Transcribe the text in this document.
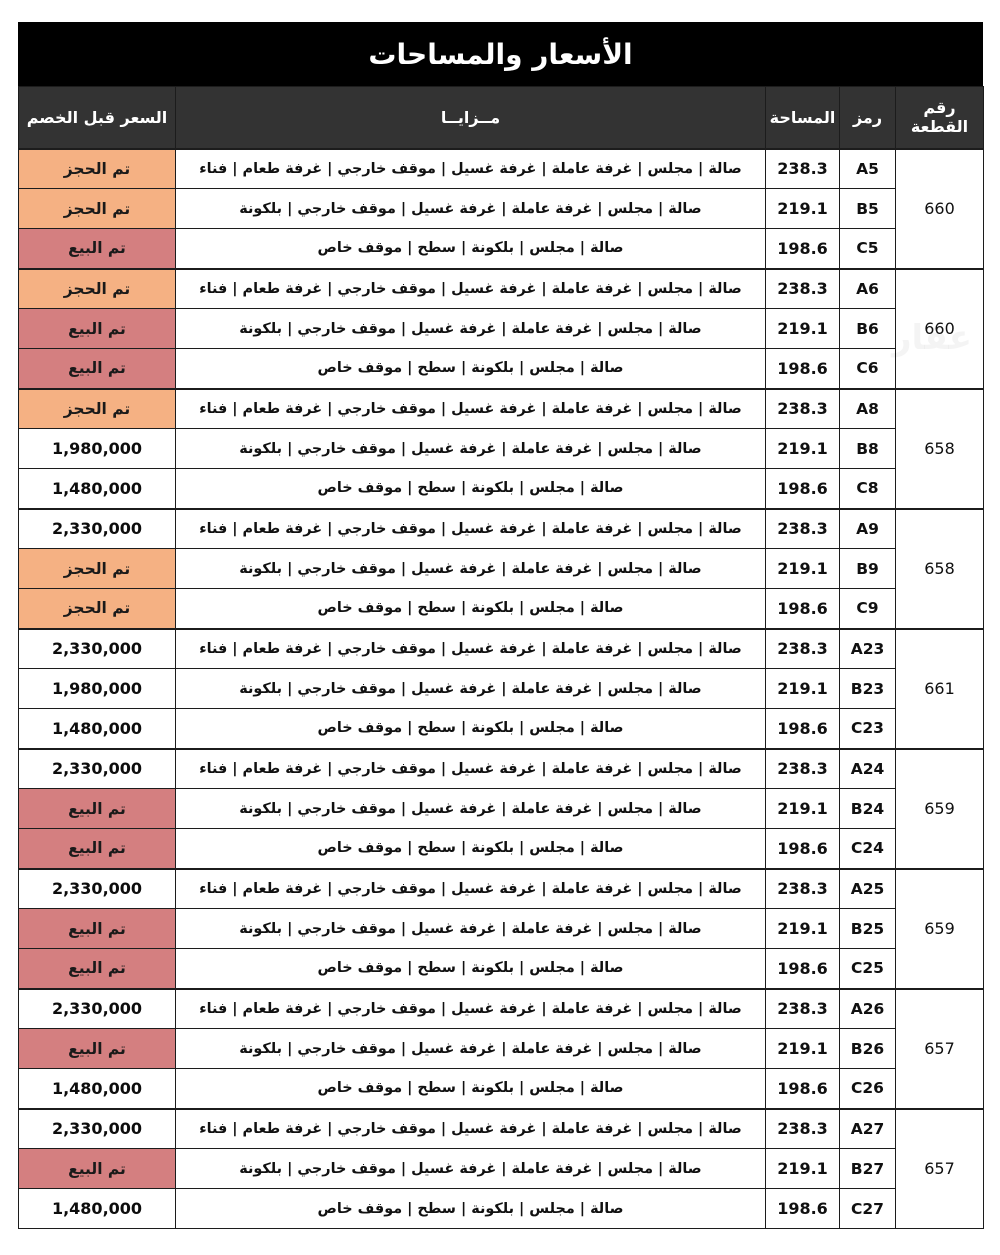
الأسعار والمساحات
رقم القطعة	رمز	المساحة	مــزايــا	السعر قبل الخصم
660	A5	238.3	صالة | مجلس | غرفة عاملة | غرفة غسيل | موقف خارجي | غرفة طعام | فناء	تم الحجز
	B5	219.1	صالة | مجلس | غرفة عاملة | غرفة غسيل | موقف خارجي | بلكونة	تم الحجز
	C5	198.6	صالة | مجلس | بلكونة | سطح | موقف خاص	تم البيع
660	A6	238.3	صالة | مجلس | غرفة عاملة | غرفة غسيل | موقف خارجي | غرفة طعام | فناء	تم الحجز
	B6	219.1	صالة | مجلس | غرفة عاملة | غرفة غسيل | موقف خارجي | بلكونة	تم البيع
	C6	198.6	صالة | مجلس | بلكونة | سطح | موقف خاص	تم البيع
658	A8	238.3	صالة | مجلس | غرفة عاملة | غرفة غسيل | موقف خارجي | غرفة طعام | فناء	تم الحجز
	B8	219.1	صالة | مجلس | غرفة عاملة | غرفة غسيل | موقف خارجي | بلكونة	1,980,000
	C8	198.6	صالة | مجلس | بلكونة | سطح | موقف خاص	1,480,000
658	A9	238.3	صالة | مجلس | غرفة عاملة | غرفة غسيل | موقف خارجي | غرفة طعام | فناء	2,330,000
	B9	219.1	صالة | مجلس | غرفة عاملة | غرفة غسيل | موقف خارجي | بلكونة	تم الحجز
	C9	198.6	صالة | مجلس | بلكونة | سطح | موقف خاص	تم الحجز
661	A23	238.3	صالة | مجلس | غرفة عاملة | غرفة غسيل | موقف خارجي | غرفة طعام | فناء	2,330,000
	B23	219.1	صالة | مجلس | غرفة عاملة | غرفة غسيل | موقف خارجي | بلكونة	1,980,000
	C23	198.6	صالة | مجلس | بلكونة | سطح | موقف خاص	1,480,000
659	A24	238.3	صالة | مجلس | غرفة عاملة | غرفة غسيل | موقف خارجي | غرفة طعام | فناء	2,330,000
	B24	219.1	صالة | مجلس | غرفة عاملة | غرفة غسيل | موقف خارجي | بلكونة	تم البيع
	C24	198.6	صالة | مجلس | بلكونة | سطح | موقف خاص	تم البيع
659	A25	238.3	صالة | مجلس | غرفة عاملة | غرفة غسيل | موقف خارجي | غرفة طعام | فناء	2,330,000
	B25	219.1	صالة | مجلس | غرفة عاملة | غرفة غسيل | موقف خارجي | بلكونة	تم البيع
	C25	198.6	صالة | مجلس | بلكونة | سطح | موقف خاص	تم البيع
657	A26	238.3	صالة | مجلس | غرفة عاملة | غرفة غسيل | موقف خارجي | غرفة طعام | فناء	2,330,000
	B26	219.1	صالة | مجلس | غرفة عاملة | غرفة غسيل | موقف خارجي | بلكونة	تم البيع
	C26	198.6	صالة | مجلس | بلكونة | سطح | موقف خاص	1,480,000
657	A27	238.3	صالة | مجلس | غرفة عاملة | غرفة غسيل | موقف خارجي | غرفة طعام | فناء	2,330,000
	B27	219.1	صالة | مجلس | غرفة عاملة | غرفة غسيل | موقف خارجي | بلكونة	تم البيع
	C27	198.6	صالة | مجلس | بلكونة | سطح | موقف خاص	1,480,000
